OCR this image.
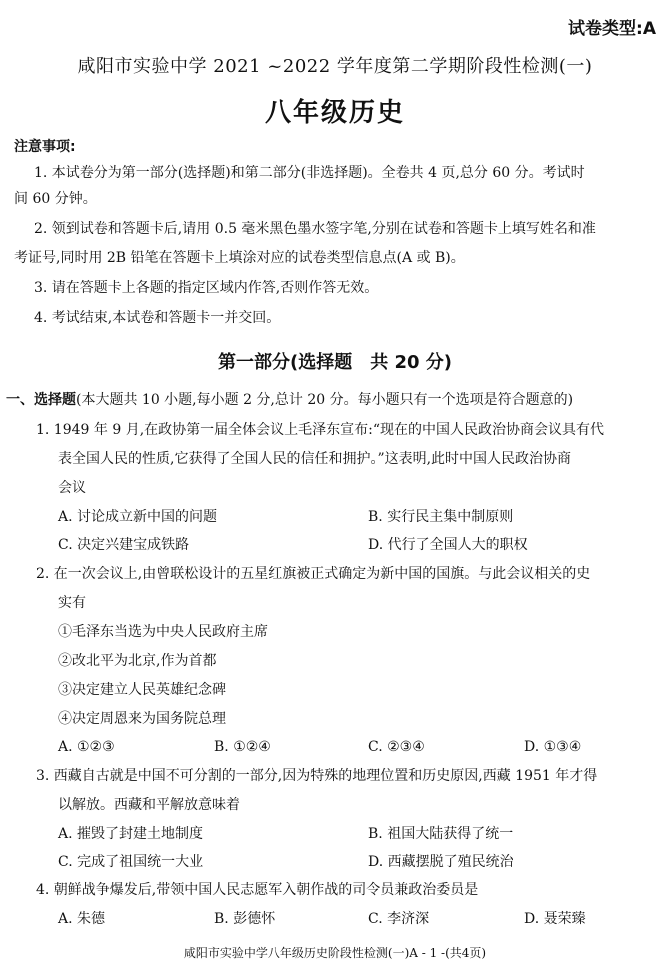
试卷类型:A
咸阳市实验中学 2021 ~2022 学年度第二学期阶段性检测(一)
八年级历史
注意事项:
1. 本试卷分为第一部分(选择题)和第二部分(非选择题)。全卷共 4 页,总分 60 分。考试时
间 60 分钟。
2. 领到试卷和答题卡后,请用 0.5 毫米黑色墨水签字笔,分别在试卷和答题卡上填写姓名和准
考证号,同时用 2B 铅笔在答题卡上填涂对应的试卷类型信息点(A 或 B)。
3. 请在答题卡上各题的指定区域内作答,否则作答无效。
4. 考试结束,本试卷和答题卡一并交回。
第一部分(选择题　共 20 分)
一、选择题(本大题共 10 小题,每小题 2 分,总计 20 分。每小题只有一个选项是符合题意的)
1. 1949 年 9 月,在政协第一届全体会议上毛泽东宣布:“现在的中国人民政治协商会议具有代
表全国人民的性质,它获得了全国人民的信任和拥护。”这表明,此时中国人民政治协商
会议
A. 讨论成立新中国的问题	B. 实行民主集中制原则
C. 决定兴建宝成铁路	D. 代行了全国人大的职权
2. 在一次会议上,由曾联松设计的五星红旗被正式确定为新中国的国旗。与此会议相关的史
实有
①毛泽东当选为中央人民政府主席
②改北平为北京,作为首都
③决定建立人民英雄纪念碑
④决定周恩来为国务院总理
A. ①②③	B. ①②④	C. ②③④	D. ①③④
3. 西藏自古就是中国不可分割的一部分,因为特殊的地理位置和历史原因,西藏 1951 年才得
以解放。西藏和平解放意味着
A. 摧毁了封建土地制度	B. 祖国大陆获得了统一
C. 完成了祖国统一大业	D. 西藏摆脱了殖民统治
4. 朝鲜战争爆发后,带领中国人民志愿军入朝作战的司令员兼政治委员是
A. 朱德	B. 彭德怀	C. 李济深	D. 聂荣臻
咸阳市实验中学八年级历史阶段性检测(一)A - 1 -(共4页)
